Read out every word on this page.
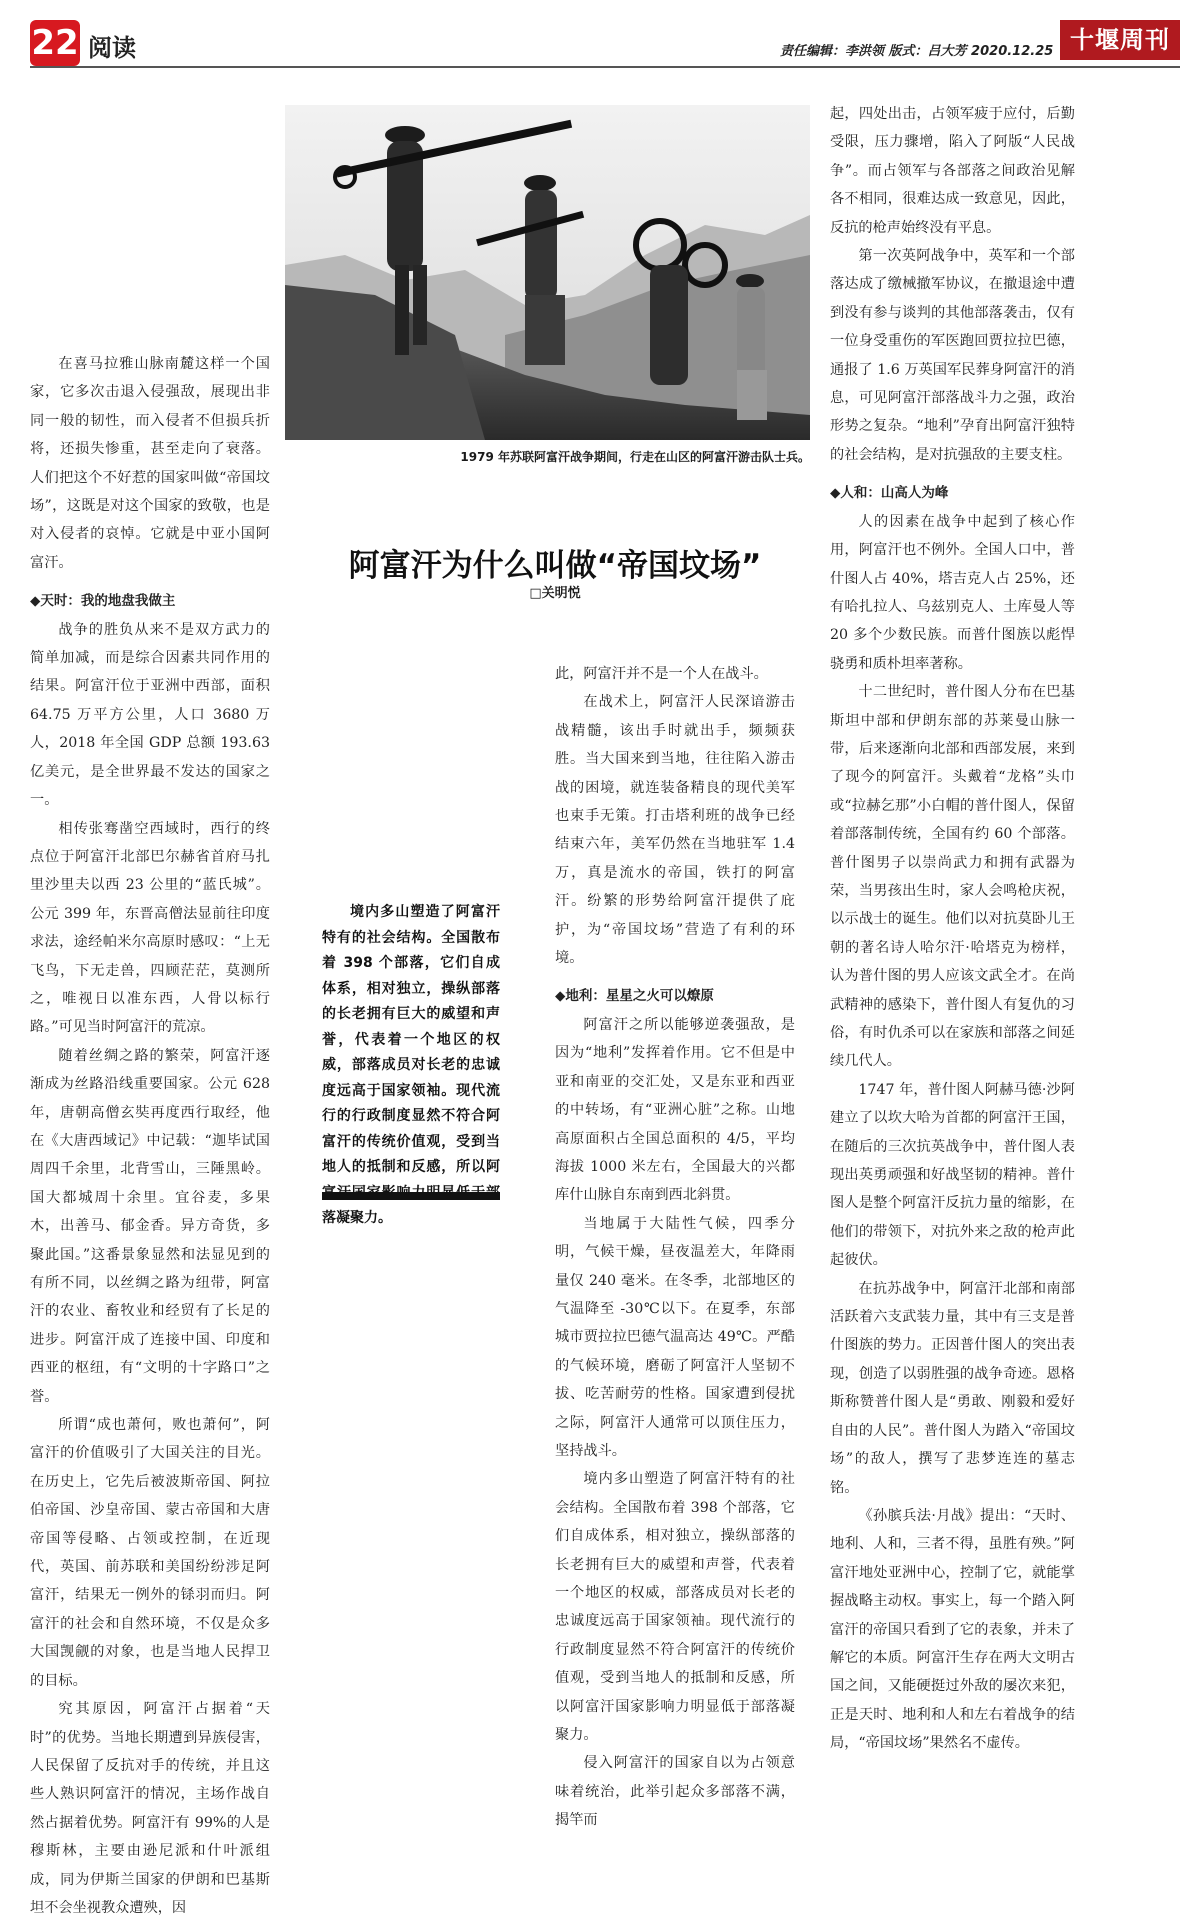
22 阅读	责任编辑：李洪领 版式：吕大芳 2020.12.25 十堰周刊

在喜马拉雅山脉南麓这样一个国家，它多次击退入侵强敌，展现出非同一般的韧性，而入侵者不但损兵折将，还损失惨重，甚至走向了衰落。人们把这个不好惹的国家叫做“帝国坟场”，这既是对这个国家的致敬，也是对入侵者的哀悼。它就是中亚小国阿富汗。

◆天时：我的地盘我做主

战争的胜负从来不是双方武力的简单加减，而是综合因素共同作用的结果。阿富汗位于亚洲中西部，面积 64.75 万平方公里，人口 3680 万人，2018 年全国 GDP 总额 193.63 亿美元，是全世界最不发达的国家之一。

相传张骞凿空西域时，西行的终点位于阿富汗北部巴尔赫省首府马扎里沙里夫以西 23 公里的“蓝氏城”。公元 399 年，东晋高僧法显前往印度求法，途经帕米尔高原时感叹：“上无飞鸟，下无走兽，四顾茫茫，莫测所之，唯视日以准东西，人骨以标行路。”可见当时阿富汗的荒凉。

随着丝绸之路的繁荣，阿富汗逐渐成为丝路沿线重要国家。公元 628 年，唐朝高僧玄奘再度西行取经，他在《大唐西域记》中记载：“迦毕试国周四千余里，北背雪山，三陲黑岭。国大都城周十余里。宜谷麦，多果木，出善马、郁金香。异方奇货，多聚此国。”这番景象显然和法显见到的有所不同，以丝绸之路为纽带，阿富汗的农业、畜牧业和经贸有了长足的进步。阿富汗成了连接中国、印度和西亚的枢纽，有“文明的十字路口”之誉。

所谓“成也萧何，败也萧何”，阿富汗的价值吸引了大国关注的目光。在历史上，它先后被波斯帝国、阿拉伯帝国、沙皇帝国、蒙古帝国和大唐帝国等侵略、占领或控制，在近现代，英国、前苏联和美国纷纷涉足阿富汗，结果无一例外的铩羽而归。阿富汗的社会和自然环境，不仅是众多大国觊觎的对象，也是当地人民捍卫的目标。

究其原因，阿富汗占据着“天时”的优势。当地长期遭到异族侵害，人民保留了反抗对手的传统，并且这些人熟识阿富汗的情况，主场作战自然占据着优势。阿富汗有 99%的人是穆斯林，主要由逊尼派和什叶派组成，同为伊斯兰国家的伊朗和巴基斯坦不会坐视教众遭殃，因

1979 年苏联阿富汗战争期间，行走在山区的阿富汗游击队士兵。
阿富汗为什么叫做“帝国坟场”
□关明悦

境内多山塑造了阿富汗特有的社会结构。全国散布着 398 个部落，它们自成体系，相对独立，操纵部落的长老拥有巨大的威望和声誉，代表着一个地区的权威，部落成员对长老的忠诚度远高于国家领袖。现代流行的行政制度显然不符合阿富汗的传统价值观，受到当地人的抵制和反感，所以阿 落凝聚力。

此，阿富汗并不是一个人在战斗。

在战术上，阿富汗人民深谙游击战精髓，该出手时就出手，频频获胜。当大国来到当地，往往陷入游击战的困境，就连装备精良的现代美军也束手无策。打击塔利班的战争已经结束六年，美军仍然在当地驻军 1.4 万，真是流水的帝国，铁打的阿富汗。纷繁的形势给阿富汗提供了庇护，为“帝国坟场”营造了有利的环境。

◆地利：星星之火可以燎原

阿富汗之所以能够逆袭强敌，是因为“地利”发挥着作用。它不但是中亚和南亚的交汇处，又是东亚和西亚的中转场，有“亚洲心脏”之称。山地高原面积占全国总面积的 4/5，平均海拔 1000 米左右，全国最大的兴都库什山脉自东南到西北斜贯。

当地属于大陆性气候，四季分明，气候干燥，昼夜温差大，年降雨量仅 240 毫米。在冬季，北部地区的气温降至 -30℃以下。在夏季，东部城市贾拉拉巴德气温高达 49℃。严酷的气候环境，磨砺了阿富汗人坚韧不拔、吃苦耐劳的性格。国家遭到侵扰之际，阿富汗人通常可以顶住压力，坚持战斗。

境内多山塑造了阿富汗特有的社会结构。全国散布着 398 个部落，它们自成体系，相对独立，操纵部落的长老拥有巨大的威望和声誉，代表着一个地区的权威，部落成员对长老的忠诚度远高于国家领袖。现代流行的行政制度显然不符合阿富汗的传统价值观，受到当地人的抵制和反感，所以阿富汗国家影响力明显低于部落凝聚力。

侵入阿富汗的国家自以为占领意味着统治，此举引起众多部落不满，揭竿而

起，四处出击，占领军疲于应付，后勤受限，压力骤增，陷入了阿版“人民战争”。而占领军与各部落之间政治见解各不相同，很难达成一致意见，因此，反抗的枪声始终没有平息。

第一次英阿战争中，英军和一个部落达成了缴械撤军协议，在撤退途中遭到没有参与谈判的其他部落袭击，仅有一位身受重伤的军医跑回贾拉拉巴德，通报了 1.6 万英国军民葬身阿富汗的消息，可见阿富汗部落战斗力之强，政治形势之复杂。“地利”孕育出阿富汗独特的社会结构，是对抗强敌的主要支柱。

◆人和：山高人为峰

人的因素在战争中起到了核心作用，阿富汗也不例外。全国人口中，普什图人占 40%，塔吉克人占 25%，还有哈扎拉人、乌兹别克人、土库曼人等 20 多个少数民族。而普什图族以彪悍骁勇和质朴坦率著称。

十二世纪时，普什图人分布在巴基斯坦中部和伊朗东部的苏莱曼山脉一带，后来逐渐向北部和西部发展，来到了现今的阿富汗。头戴着“龙格”头巾或“拉赫乞那”小白帽的普什图人，保留着部落制传统，全国有约 60 个部落。普什图男子以崇尚武力和拥有武器为荣，当男孩出生时，家人会鸣枪庆祝，以示战士的诞生。他们以对抗莫卧儿王朝的著名诗人哈尔汗·哈塔克为榜样，认为普什图的男人应该文武全才。在尚武精神的感染下，普什图人有复仇的习俗，有时仇杀可以在家族和部落之间延续几代人。

1747 年，普什图人阿赫马德·沙阿建立了以坎大哈为首都的阿富汗王国，在随后的三次抗英战争中，普什图人表现出英勇顽强和好战坚韧的精神。普什图人是整个阿富汗反抗力量的缩影，在他们的带领下，对抗外来之敌的枪声此起彼伏。

在抗苏战争中，阿富汗北部和南部活跃着六支武装力量，其中有三支是普什图族的势力。正因普什图人的突出表现，创造了以弱胜强的战争奇迹。恩格斯称赞普什图人是“勇敢、刚毅和爱好自由的人民”。普什图人为踏入“帝国坟场”的敌人，撰写了悲梦连连的墓志铭。

《孙膑兵法·月战》提出：“天时、地利、人和，三者不得，虽胜有殃。”阿富汗地处亚洲中心，控制了它，就能掌握战略主动权。事实上，每一个踏入阿富汗的帝国只看到了它的表象，并未了解它的本质。阿富汗生存在两大文明古国之间，又能硬挺过外敌的屡次来犯，正是天时、地利和人和左右着战争的结局，“帝国坟场”果然名不虚传。
